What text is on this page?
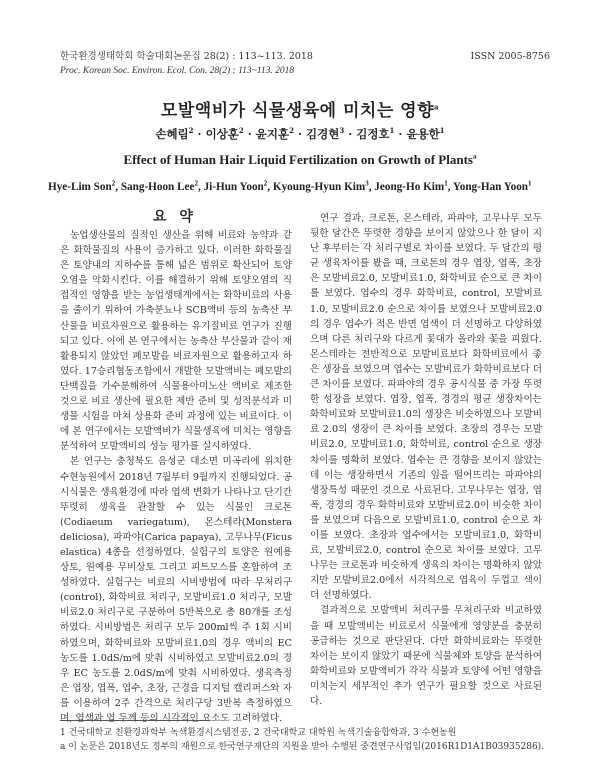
한국환경생태학회 학술대회논문집 28(2) : 113~113. 2018	ISSN 2005-8756
Proc. Korean Soc. Environ. Ecol. Con. 28(2) : 113~113. 2018
모발액비가 식물생육에 미치는 영향$^a$
손혜림$^2$ · 이상훈$^2$ · 윤지훈$^2$ · 김경현$^3$ · 김정호$^1$ · 윤용한$^1$
Effect of Human Hair Liquid Fertilization on Growth of Plants$^a$
Hye-Lim Son$^2$, Sang-Hoon Lee$^2$, Ji-Hun Yoon$^2$, Kyoung-Hyun Kim$^3$, Jeong-Ho Kim$^1$, Yong-Han Yoon$^1$
요 약

농업생산물의 질적인 생산을 위해 비료와 농약과 같은 화학물질의 사용이 증가하고 있다. 이러한 화학물질은 토양내의 지하수를 통해 넓은 범위로 확산되어 토양오염을 악화시킨다. 이를 해결하기 위해 토양오염의 직접적인 영향을 받는 농업생태계에서는 화학비료의 사용을 줄이기 위하여 가축분뇨나 SCB액비 등의 농축산 부산물을 비료자원으로 활용하는 유기질비료 연구가 진행되고 있다. 이에 본 연구에서는 농축산 부산물과 같이 재활용되지 않았던 폐모발을 비료자원으로 활용하고자 하였다. 17승리협동조합에서 개발한 모발액비는 폐모발의 단백질을 가수분해하여 식물용아미노산 액비로 제조한 것으로 비료 생산에 필요한 제반 준비 및 성적분석과 미생물 시험을 마쳐 상용화 준비 과정에 있는 비료이다. 이에 본 연구에서는 모발액비가 식물생육에 미치는 영향을 분석하여 모발액비의 성능 평가를 실시하였다.

본 연구는 충청북도 음성군 대소면 미곡리에 위치한 수현농원에서 2018년 7월부터 9월까지 진행되었다. 공시식물은 생육환경에 따라 엽색 변화가 나타나고 단기간 뚜렷히 생육을 관찰할 수 있는 식물인 크로톤(Codiaeum variegatum), 몬스테라(Monstera deliciosa), 파파야(Carica papaya), 고무나무(Ficus elastica) 4종을 선정하였다. 실험구의 토양은 원예용 상토, 원예용 무비상토 그리고 피트모스를 혼합하여 조성하였다. 실험구는 비료의 시비방법에 따라 무처리구(control), 화학비료 처리구, 모발비료1.0 처리구, 모발비료2.0 처리구로 구분하여 5반복으로 총 80개를 조성하였다. 시비방법은 처리구 모두 200ml씩 주 1회 시비하였으며, 화학비료와 모발비료1.0의 경우 액비의 EC 농도를 1.0dS/m에 맞춰 시비하였고 모발비료2.0의 경우 EC 농도를 2.0dS/m에 맞춰 시비하였다. 생육측정은 엽장, 엽폭, 엽수, 초장, 근경을 디지털 캘리퍼스와 자를 이용하여 2주 간격으로 처리구당 3반복 측정하였으며, 엽색과 엽 두께 등의 시각적인 요소도 고려하였다.

연구 결과, 크로톤, 몬스테라, 파파야, 고무나무 모두 뒷한 달간은 뚜렷한 경향을 보이지 않았으나 한 달이 지난 후부터는 각 처리구별로 차이를 보였다. 두 달간의 평균 생육차이를 봤을 때, 크로톤의 경우 엽장, 엽폭, 초장은 모발비료2.0, 모발비료1.0, 화학비료 순으로 큰 차이를 보였다. 엽수의 경우 화학비료, control, 모발비료1.0, 모발비료2.0 순으로 차이를 보였으나 모발비료2.0의 경우 엽수가 적은 반면 엽색이 더 선명하고 다양하였으며 다른 처리구와 다르게 꽃대가 올라와 꽃을 피웠다. 몬스테라는 전반적으로 모발비료보다 화학비료에서 좋은 생장을 보였으며 엽수는 모발비료가 화학비료보다 더 큰 차이를 보였다. 파파야의 경우 공시식물 중 가장 뚜렷한 성장을 보였다. 엽장, 엽폭, 경경의 평균 생장차이는 화학비료와 모발비료1.0의 생장은 비슷하였으나 모발비료 2.0의 생장이 큰 차이를 보였다. 초장의 경우는 모발비료2.0, 모발비료1.0, 화학비료, control 순으로 생장 차이를 명확히 보였다. 엽수는 큰 경향을 보이지 않았는데 이는 생장하면서 기존의 잎을 떨어뜨리는 파파야의 생장특성 때문인 것으로 사료된다. 고무나무는 엽장, 엽폭, 경경의 경우 화학비료와 모발비료2.0이 비슷한 차이를 보였으며 다음으로 모발비료1.0, control 순으로 차이를 보였다. 초장과 엽수에서는 모발비료1.0, 화학비료, 모발비료2.0, control 순으로 차이를 보였다. 고무나무는 크로톤과 비슷하게 생육의 차이는 명확하지 않았지만 모발비료2.0에서 시각적으로 엽육이 두껍고 색이 더 선명하였다.

결과적으로 모발액비 처리구를 무처리구와 비교하였을 때 모발액비는 비료로서 식물에게 영양분을 충분히 공급하는 것으로 판단된다. 다만 화학비료와는 뚜렷한 차이는 보이지 않았기 때문에 식물체와 토양을 분석하여 화학비료와 모발액비가 각각 식물과 토양에 어떤 영향을 미치는지 세부적인 추가 연구가 필요할 것으로 사료된다.

1 건국대학교 친환경과학부 녹색환경시스템전공, 2 건국대학교 대학원 녹색기술융합학과, 3 수현농원
a 이 논문은 2018년도 정부의 재원으로 한국연구재단의 지원을 받아 수행된 중견연구사업임(2016R1D1A1B03935286).
